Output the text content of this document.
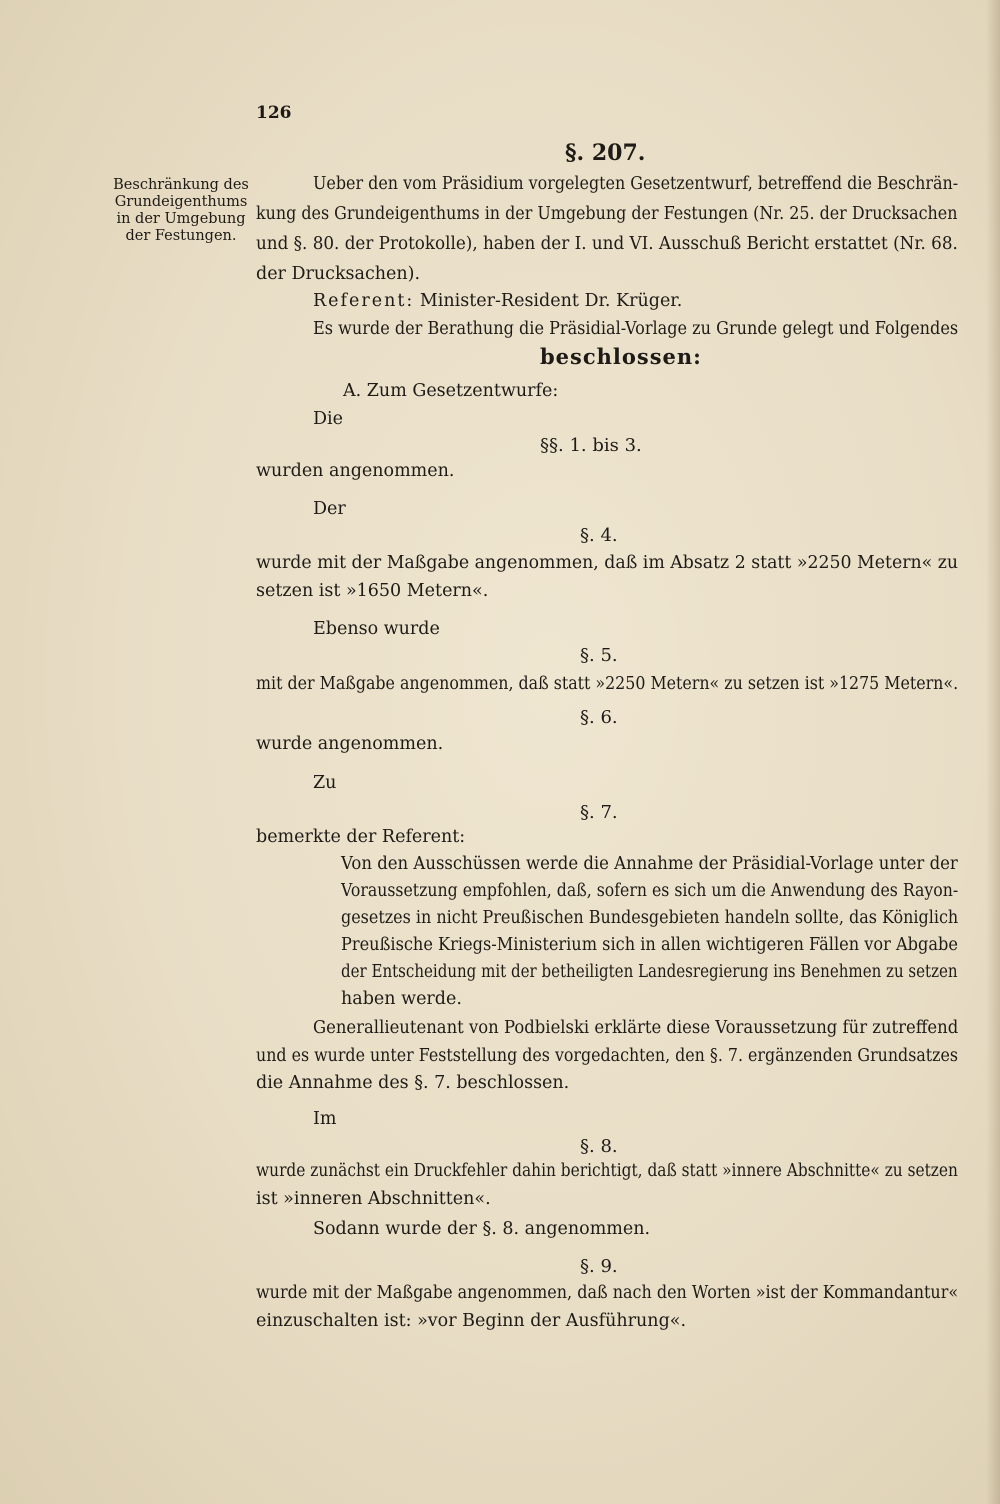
126
Beschränkung des
Grundeigenthums
in der Umgebung
der Festungen.
§. 207.
Ueber den vom Präsidium vorgelegten Gesetzentwurf, betreffend die Beschrän-
kung des Grundeigenthums in der Umgebung der Festungen (Nr. 25. der Drucksachen
und §. 80. der Protokolle), haben der I. und VI. Ausschuß Bericht erstattet (Nr. 68.
der Drucksachen).
Referent: Minister-Resident Dr. Krüger.
Es wurde der Berathung die Präsidial-Vorlage zu Grunde gelegt und Folgendes
beschlossen:
A. Zum Gesetzentwurfe:
Die
§§. 1. bis 3.
wurden angenommen.
Der
§. 4.
wurde mit der Maßgabe angenommen, daß im Absatz 2 statt »2250 Metern« zu
setzen ist »1650 Metern«.
Ebenso wurde
§. 5.
mit der Maßgabe angenommen, daß statt »2250 Metern« zu setzen ist »1275 Metern«.
§. 6.
wurde angenommen.
Zu
§. 7.
bemerkte der Referent:
Von den Ausschüssen werde die Annahme der Präsidial-Vorlage unter der
Voraussetzung empfohlen, daß, sofern es sich um die Anwendung des Rayon-
gesetzes in nicht Preußischen Bundesgebieten handeln sollte, das Königlich
Preußische Kriegs-Ministerium sich in allen wichtigeren Fällen vor Abgabe
der Entscheidung mit der betheiligten Landesregierung ins Benehmen zu setzen
haben werde.
Generallieutenant von Podbielski erklärte diese Voraussetzung für zutreffend
und es wurde unter Feststellung des vorgedachten, den §. 7. ergänzenden Grundsatzes
die Annahme des §. 7. beschlossen.
Im
§. 8.
wurde zunächst ein Druckfehler dahin berichtigt, daß statt »innere Abschnitte« zu setzen
ist »inneren Abschnitten«.
Sodann wurde der §. 8. angenommen.
§. 9.
wurde mit der Maßgabe angenommen, daß nach den Worten »ist der Kommandantur«
einzuschalten ist: »vor Beginn der Ausführung«.
